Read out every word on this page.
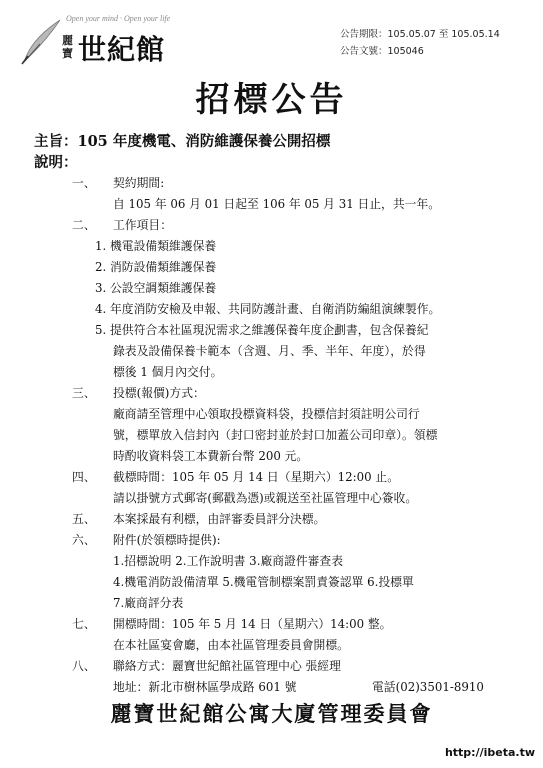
Open your mind · Open your life
麗寶 世紀館	公告期限：105.05.07 至 105.05.14
公告文號：105046
招標公告
主旨：105 年度機電、消防維護保養公開招標
說明：
一、 契約期間:
自 105 年 06 月 01 日起至 106 年 05 月 31 日止，共一年。
二、 工作項目：
1. 機電設備類維護保養
2. 消防設備類維護保養
3. 公設空調類維護保養
4. 年度消防安檢及申報、共同防護計畫、自衛消防編組演練製作。
5. 提供符合本社區現況需求之維護保養年度企劃書，包含保養紀
錄表及設備保養卡範本（含週、月、季、半年、年度），於得
標後 1 個月內交付。
三、 投標(報價)方式：
廠商請至管理中心領取投標資料袋，投標信封須註明公司行
號，標單放入信封內（封口密封並於封口加蓋公司印章）。領標
時酌收資料袋工本費新台幣 200 元。
四、 截標時間：105 年 05 月 14 日（星期六）12:00 止。
請以掛號方式郵寄(郵戳為憑)或親送至社區管理中心簽收。
五、 本案採最有利標，由評審委員評分決標。
六、 附件(於領標時提供):
1.招標說明 2.工作說明書 3.廠商證件審查表
4.機電消防設備清單 5.機電管制標案罰責簽認單 6.投標單
7.廠商評分表
七、 開標時間：105 年 5 月 14 日（星期六）14:00 整。
在本社區宴會廳，由本社區管理委員會開標。
八、 聯絡方式：麗寶世紀館社區管理中心 張經理
地址：新北市樹林區學成路 601 號	電話(02)3501-8910
麗寶世紀館公寓大廈管理委員會
http://ibeta.tw
